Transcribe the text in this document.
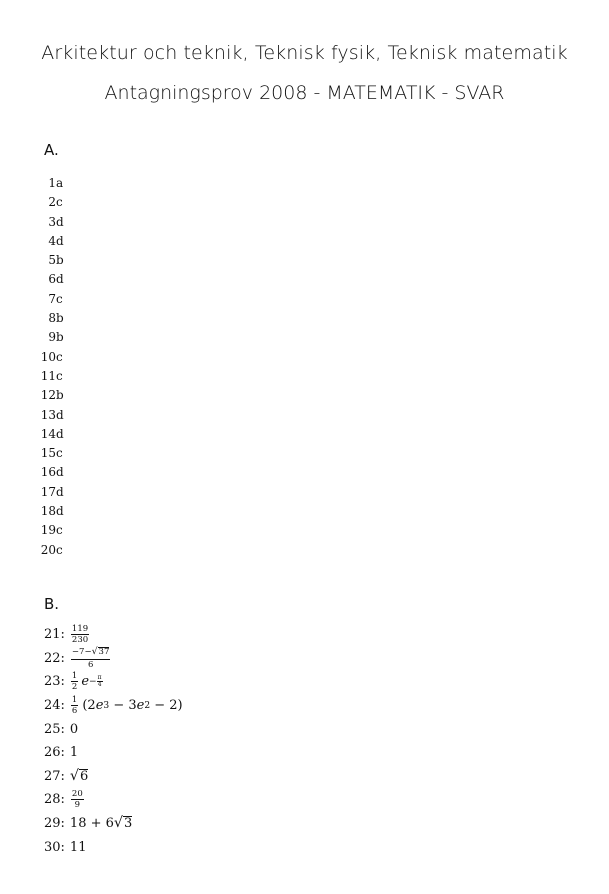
Arkitektur och teknik, Teknisk fysik, Teknisk matematik
Antagningsprov 2008 - MATEMATIK - SVAR
A.
1a
2c
3d
4d
5b
6d
7c
8b
9b
10c
11c
12b
13d
14d
15c
16d
17d
18d
19c
20c
B.
21: $\frac{119}{230}$
22: $\frac{-7- √ 37}{6}$
23: $\frac{1}{2}$ $e - \frac{\pi}{4}$
24: $\frac{1}{6} (2$ e 3 − 3 e 2 − 2)
25: 0
26: 1
27: √ 6
28: $\frac{20}{9}$
29: 18 + 6 √ 3
30: 11
